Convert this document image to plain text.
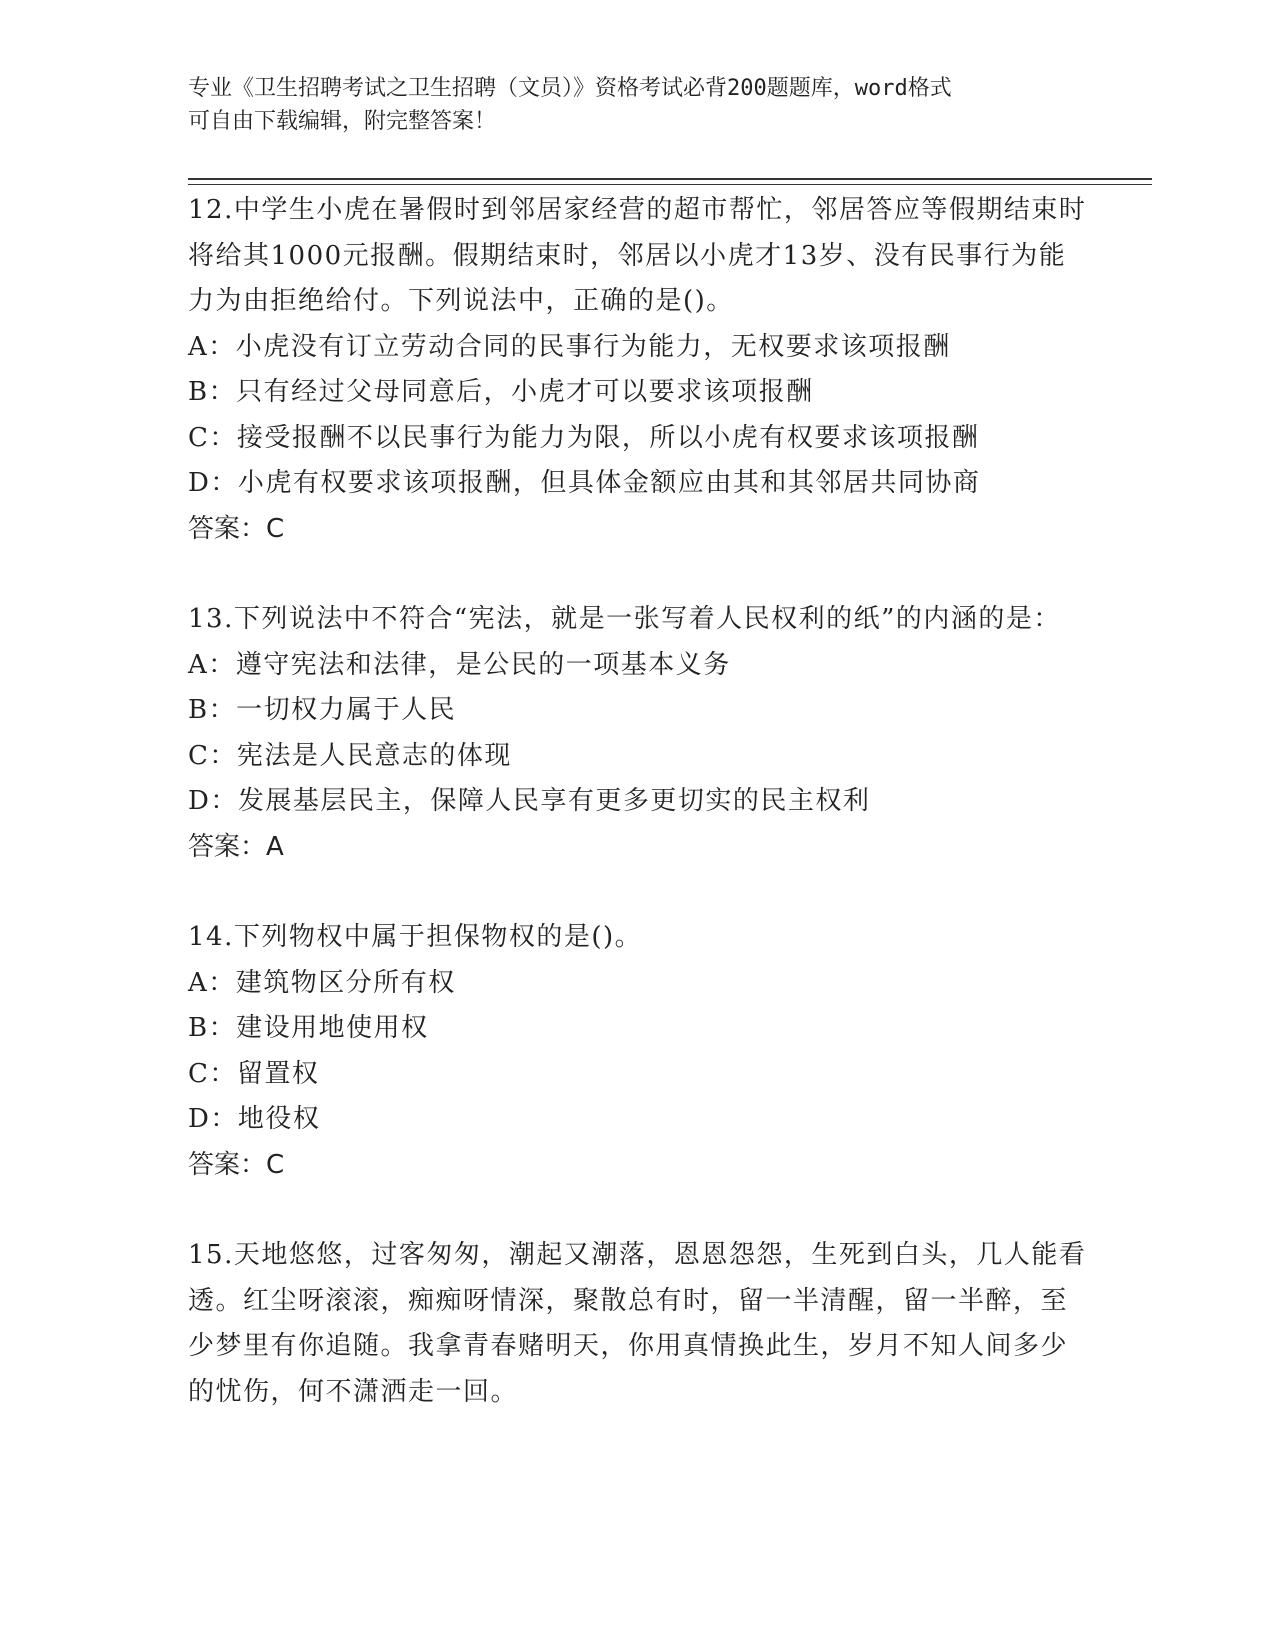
专业《卫生招聘考试之卫生招聘（文员）》资格考试必背200题题库，word格式
可自由下载编辑，附完整答案！

12.中学生小虎在暑假时到邻居家经营的超市帮忙，邻居答应等假期结束时将给其1000元报酬。假期结束时，邻居以小虎才13岁、没有民事行为能力为由拒绝给付。下列说法中，正确的是()。

A：小虎没有订立劳动合同的民事行为能力，无权要求该项报酬

B：只有经过父母同意后，小虎才可以要求该项报酬

C：接受报酬不以民事行为能力为限，所以小虎有权要求该项报酬

D：小虎有权要求该项报酬，但具体金额应由其和其邻居共同协商

答案：C

13.下列说法中不符合“宪法，就是一张写着人民权利的纸”的内涵的是：

A：遵守宪法和法律，是公民的一项基本义务

B：一切权力属于人民

C：宪法是人民意志的体现

D：发展基层民主，保障人民享有更多更切实的民主权利

答案：A

14.下列物权中属于担保物权的是()。

A：建筑物区分所有权

B：建设用地使用权

C：留置权

D：地役权

答案：C

15.天地悠悠，过客匆匆，潮起又潮落，恩恩怨怨，生死到白头，几人能看透。红尘呀滚滚，痴痴呀情深，聚散总有时，留一半清醒，留一半醉，至少梦里有你追随。我拿青春赌明天，你用真情换此生，岁月不知人间多少的忧伤，何不潇洒走一回。
